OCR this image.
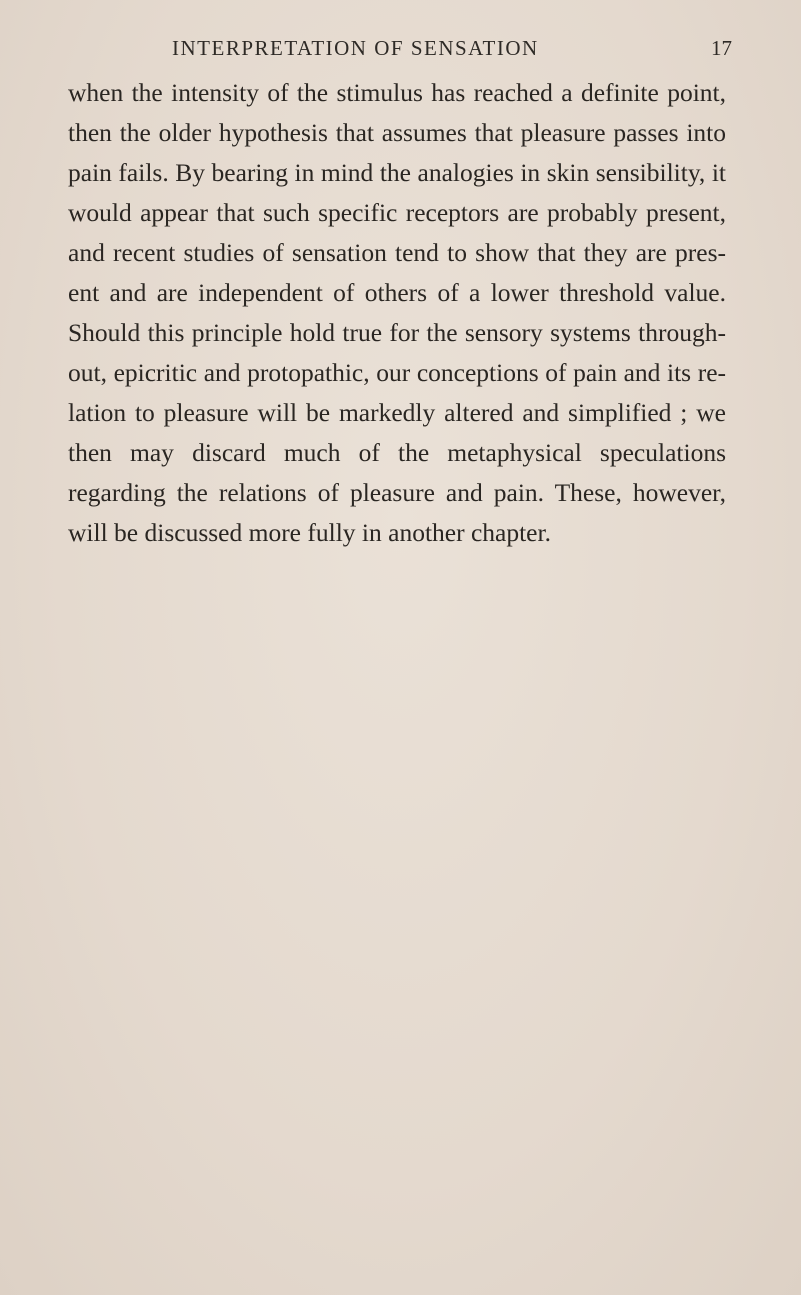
INTERPRETATION OF SENSATION	17

when the intensity of the stimulus has reached a definite point, then the older hypothesis that assumes that pleasure passes into pain fails. By bearing in mind the analogies in skin sensibility, it would appear that such specific receptors are probably present, and recent studies of sensation tend to show that they are pres-ent and are independent of others of a lower threshold value. Should this principle hold true for the sensory systems through-out, epicritic and protopathic, our conceptions of pain and its re-lation to pleasure will be markedly altered and simplified ; we then may discard much of the metaphysical speculations regarding the relations of pleasure and pain. These, however, will be discussed more fully in another chapter.
